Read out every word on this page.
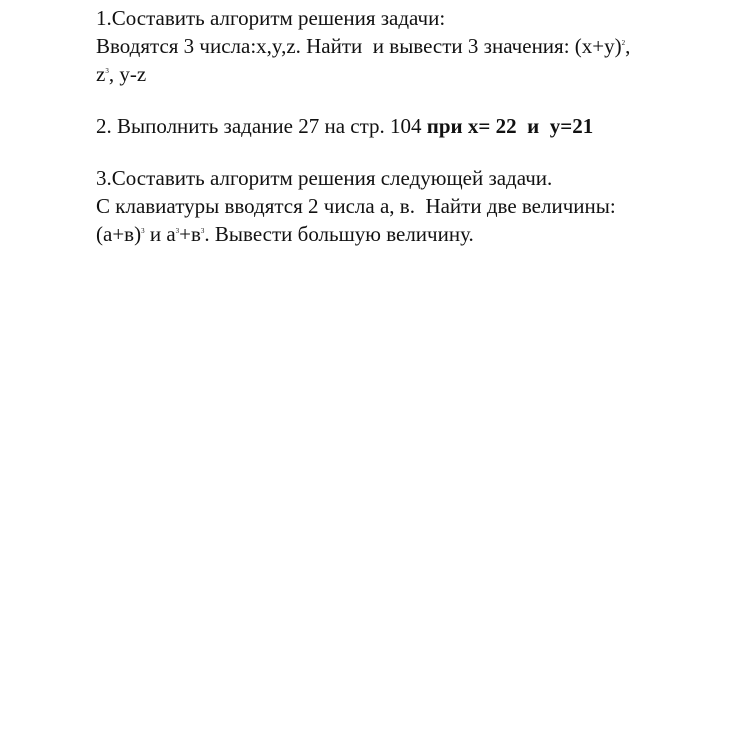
1.Составить алгоритм решения задачи:
Вводятся 3 числа:x,y,z. Найти  и вывести 3 значения: $(x+y)^2$,
$z^3$, y-z
2. Выполнить задание 27 на стр. 104 при x= 22  и  y=21
3.Составить алгоритм решения следующей задачи.
С клавиатуры вводятся 2 числа а, в.  Найти две величины:
$(а+в)^3$ и $а^3+в^3$. Вывести большую величину.
